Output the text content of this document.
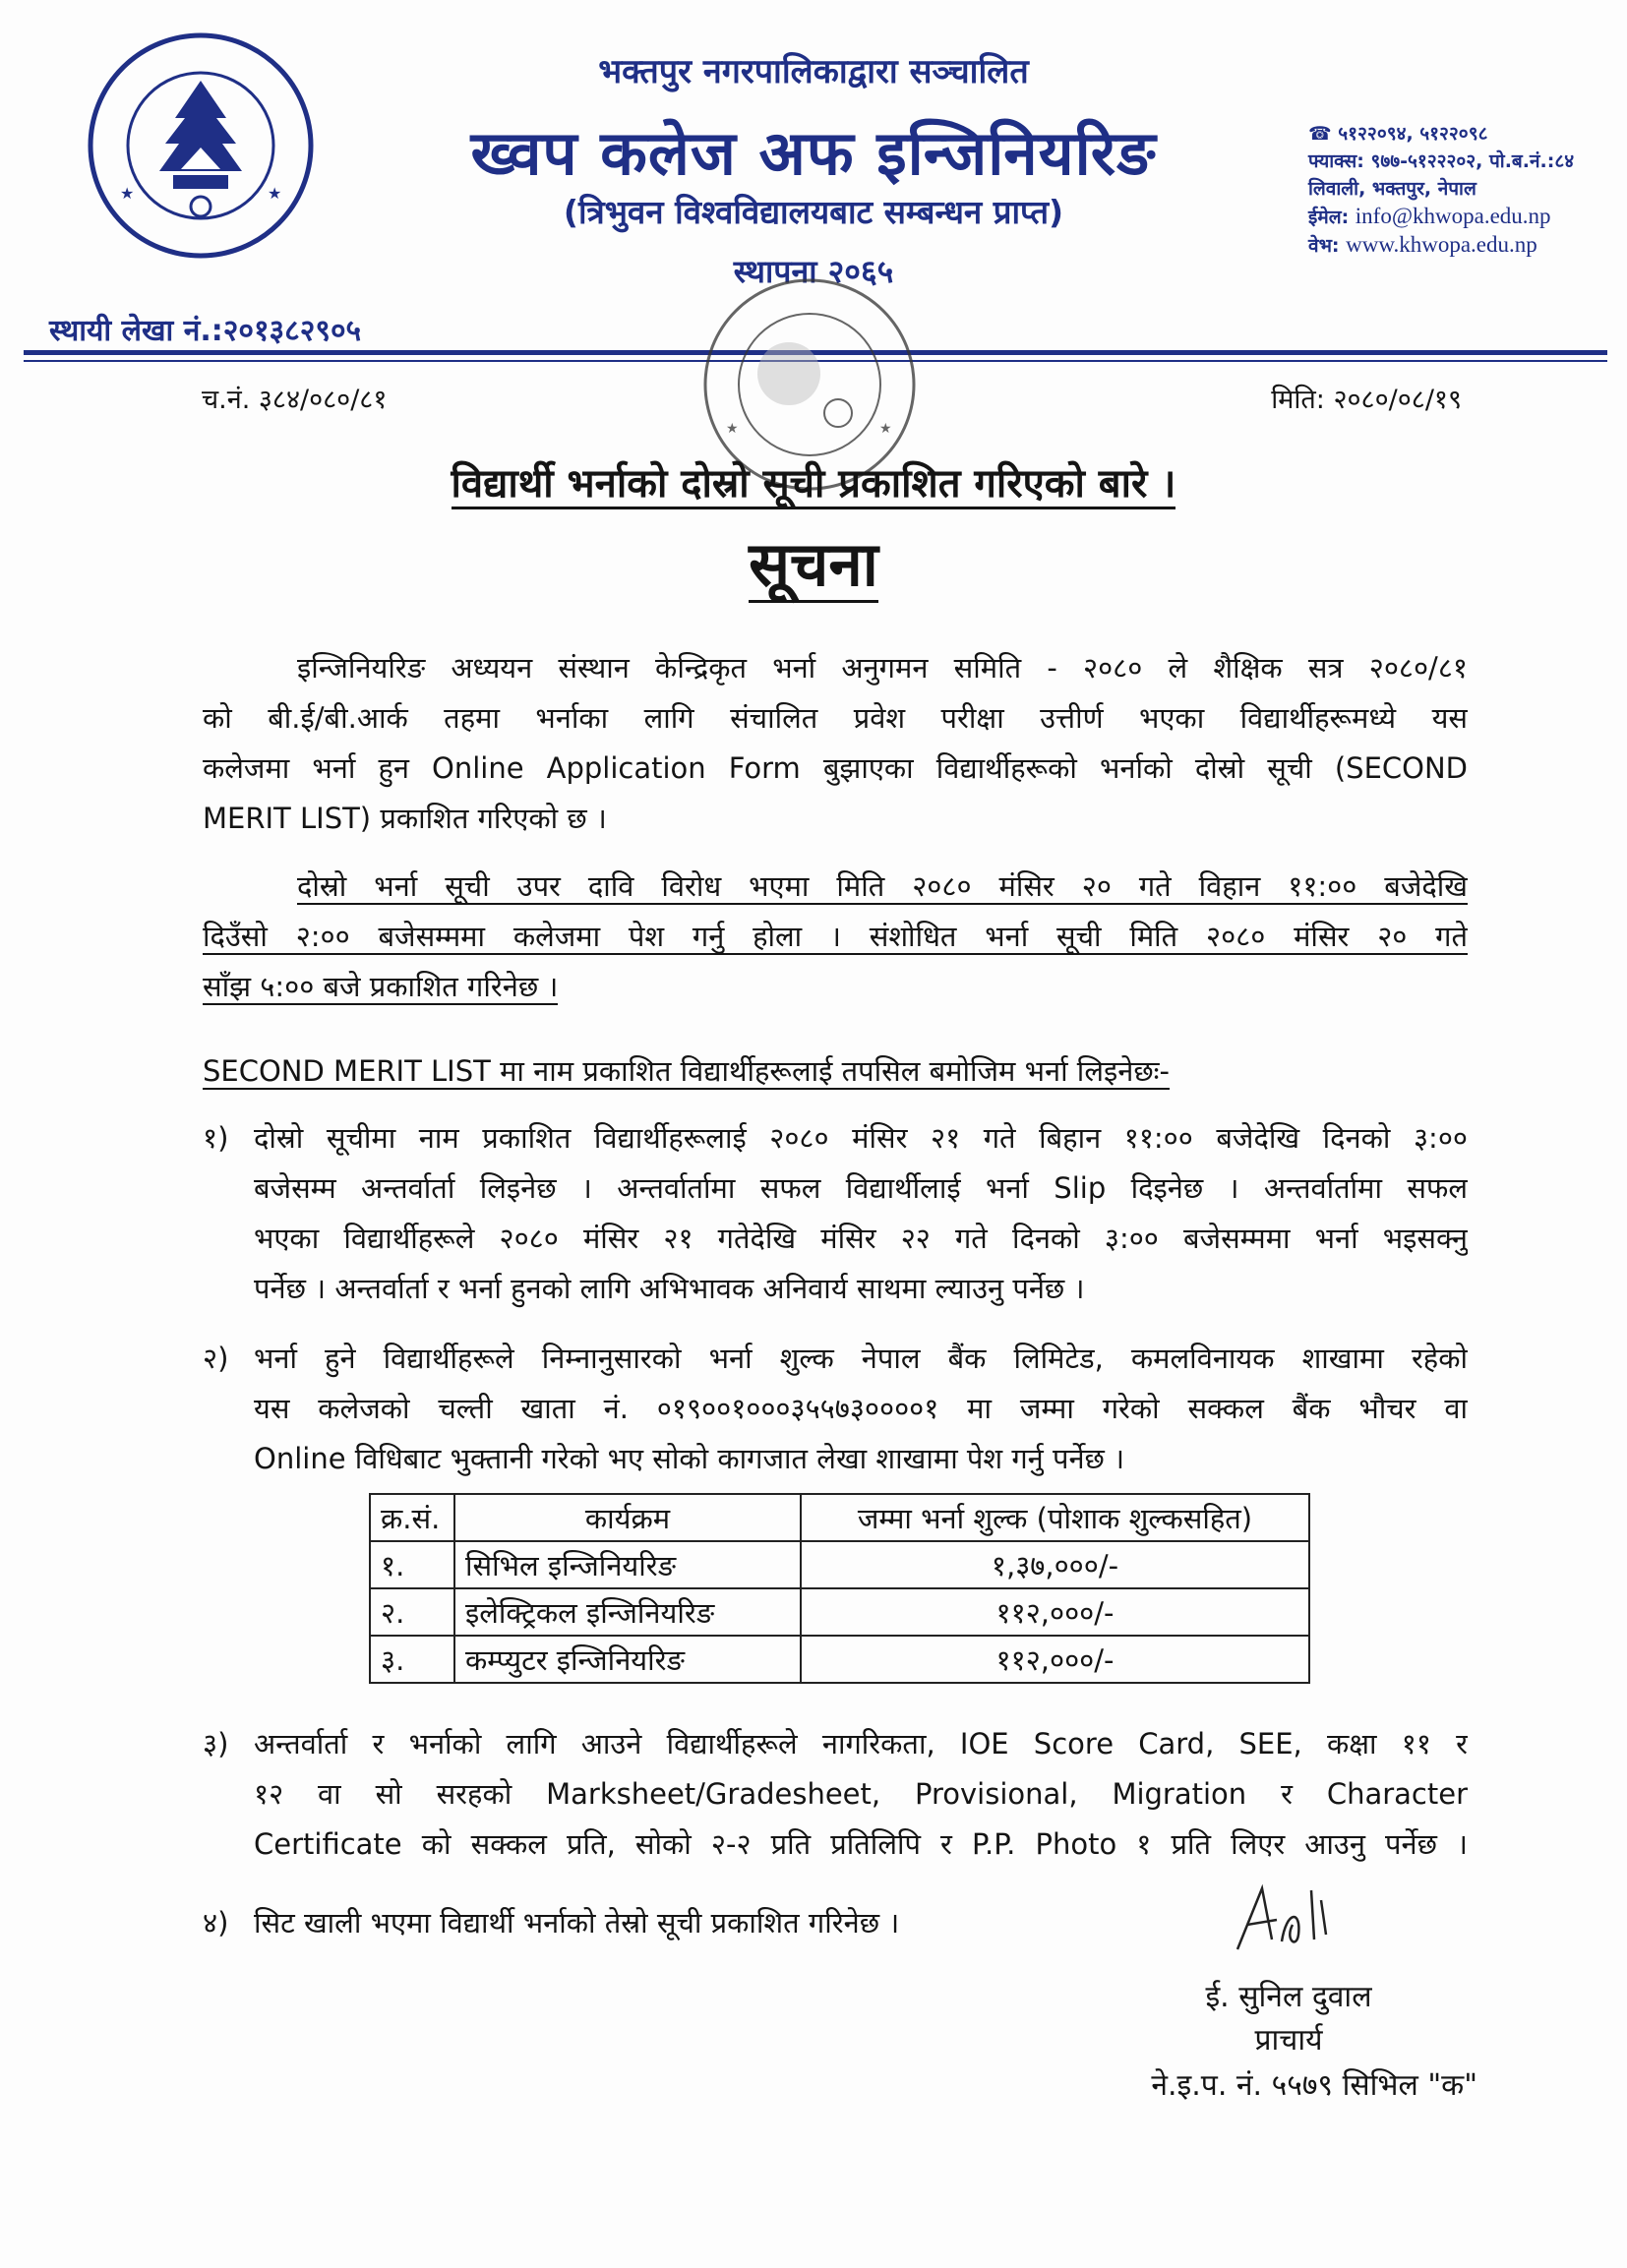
★	★
भक्तपुर नगरपालिकाद्वारा सञ्चालित
ख्वप कलेज अफ इन्जिनियरिङ
(त्रिभुवन विश्वविद्यालयबाट सम्बन्धन प्राप्त)
स्थापना २०६५
स्थायी लेखा नं.:२०१३८२९०५
☎ ५१२२०९४, ५१२२०९८
फ्याक्स: ९७७-५१२२२०२, पो.ब.नं.:८४
लिवाली, भक्तपुर, नेपाल
ईमेल: info@khwopa.edu.np
वेभ: www.khwopa.edu.np
★	★
च.नं. ३८४/०८०/८१	मिति: २०८०/०८/१९
विद्यार्थी भर्नाको दोस्रो सूची प्रकाशित गरिएको बारे ।
सूचना
इन्जिनियरिङ अध्ययन संस्थान केन्द्रिकृत भर्ना अनुगमन समिति - २०८० ले शैक्षिक सत्र २०८०/८१
को बी.ई/बी.आर्क तहमा भर्नाका लागि संचालित प्रवेश परीक्षा उत्तीर्ण भएका विद्यार्थीहरूमध्ये यस
कलेजमा भर्ना हुन Online Application Form बुझाएका विद्यार्थीहरूको भर्नाको दोस्रो सूची (SECOND
MERIT LIST) प्रकाशित गरिएको छ ।
दोस्रो भर्ना सूची उपर दावि विरोध भएमा मिति २०८० मंसिर २० गते विहान ११:०० बजेदेखि
दिउँसो २:०० बजेसम्ममा कलेजमा पेश गर्नु होला । संशोधित भर्ना सूची मिति २०८० मंसिर २० गते
साँझ ५:०० बजे प्रकाशित गरिनेछ ।
SECOND MERIT LIST मा नाम प्रकाशित विद्यार्थीहरूलाई तपसिल बमोजिम भर्ना लिइनेछः-
१) दोस्रो सूचीमा नाम प्रकाशित विद्यार्थीहरूलाई २०८० मंसिर २१ गते बिहान ११:०० बजेदेखि दिनको ३:००
बजेसम्म अन्तर्वार्ता लिइनेछ । अन्तर्वार्तामा सफल विद्यार्थीलाई भर्ना Slip दिइनेछ । अन्तर्वार्तामा सफल
भएका विद्यार्थीहरूले २०८० मंसिर २१ गतेदेखि मंसिर २२ गते दिनको ३:०० बजेसम्ममा भर्ना भइसक्नु
पर्नेछ । अन्तर्वार्ता र भर्ना हुनको लागि अभिभावक अनिवार्य साथमा ल्याउनु पर्नेछ ।
२) भर्ना हुने विद्यार्थीहरूले निम्नानुसारको भर्ना शुल्क नेपाल बैंक लिमिटेड, कमलविनायक शाखामा रहेको
यस कलेजको चल्ती खाता नं. ०१९००१०००३५५७३००००१ मा जम्मा गरेको सक्कल बैंक भौचर वा
Online विधिबाट भुक्तानी गरेको भए सोको कागजात लेखा शाखामा पेश गर्नु पर्नेछ ।
क्र.सं.	कार्यक्रम	जम्मा भर्ना शुल्क (पोशाक शुल्कसहित)
१.	सिभिल इन्जिनियरिङ	१,३७,०००/-
२.	इलेक्ट्रिकल इन्जिनियरिङ	११२,०००/-
३.	कम्प्युटर इन्जिनियरिङ	११२,०००/-
३) अन्तर्वार्ता र भर्नाको लागि आउने विद्यार्थीहरूले नागरिकता, IOE Score Card, SEE, कक्षा ११ र
१२ वा सो सरहको Marksheet/Gradesheet, Provisional, Migration र Character
Certificate को सक्कल प्रति, सोको २-२ प्रति प्रतिलिपि र P.P. Photo १ प्रति लिएर आउनु पर्नेछ ।
४) सिट खाली भएमा विद्यार्थी भर्नाको तेस्रो सूची प्रकाशित गरिनेछ ।
ई. सुनिल दुवाल
प्राचार्य
ने.इ.प. नं. ५५७९ सिभिल "क"
